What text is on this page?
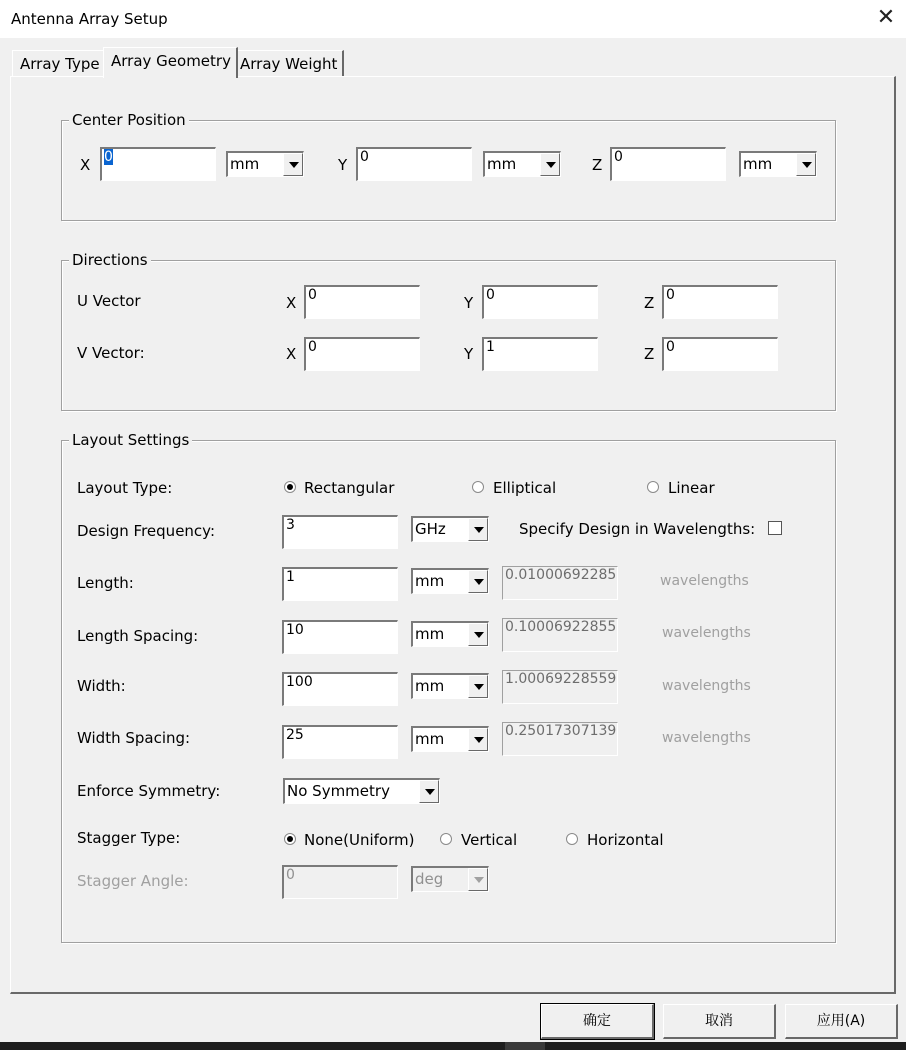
Antenna Array Setup	✕
Array Type Array Geometry Array Weight
Center Position
X 0	mm	Y 0	mm	Z 0	mm
Directions
U Vector	X 0	Y 0	Z 0
V Vector:	X 0	Y 1	Z 0
Layout Settings
Layout Type:	Rectangular	Elliptical	Linear
Design Frequency:	3	GHz	Specify Design in Wavelengths:
Length:	1	mm	0.01000692285	wavelengths
Length Spacing:	10	mm	0.10006922855	wavelengths
Width:	100	mm	1.00069228559	wavelengths
Width Spacing:	25	mm	0.25017307139	wavelengths
Enforce Symmetry:	No Symmetry
Stagger Type:	None(Uniform)	Vertical	Horizontal
Stagger Angle:	0	deg
确定	取消	应用(A)
